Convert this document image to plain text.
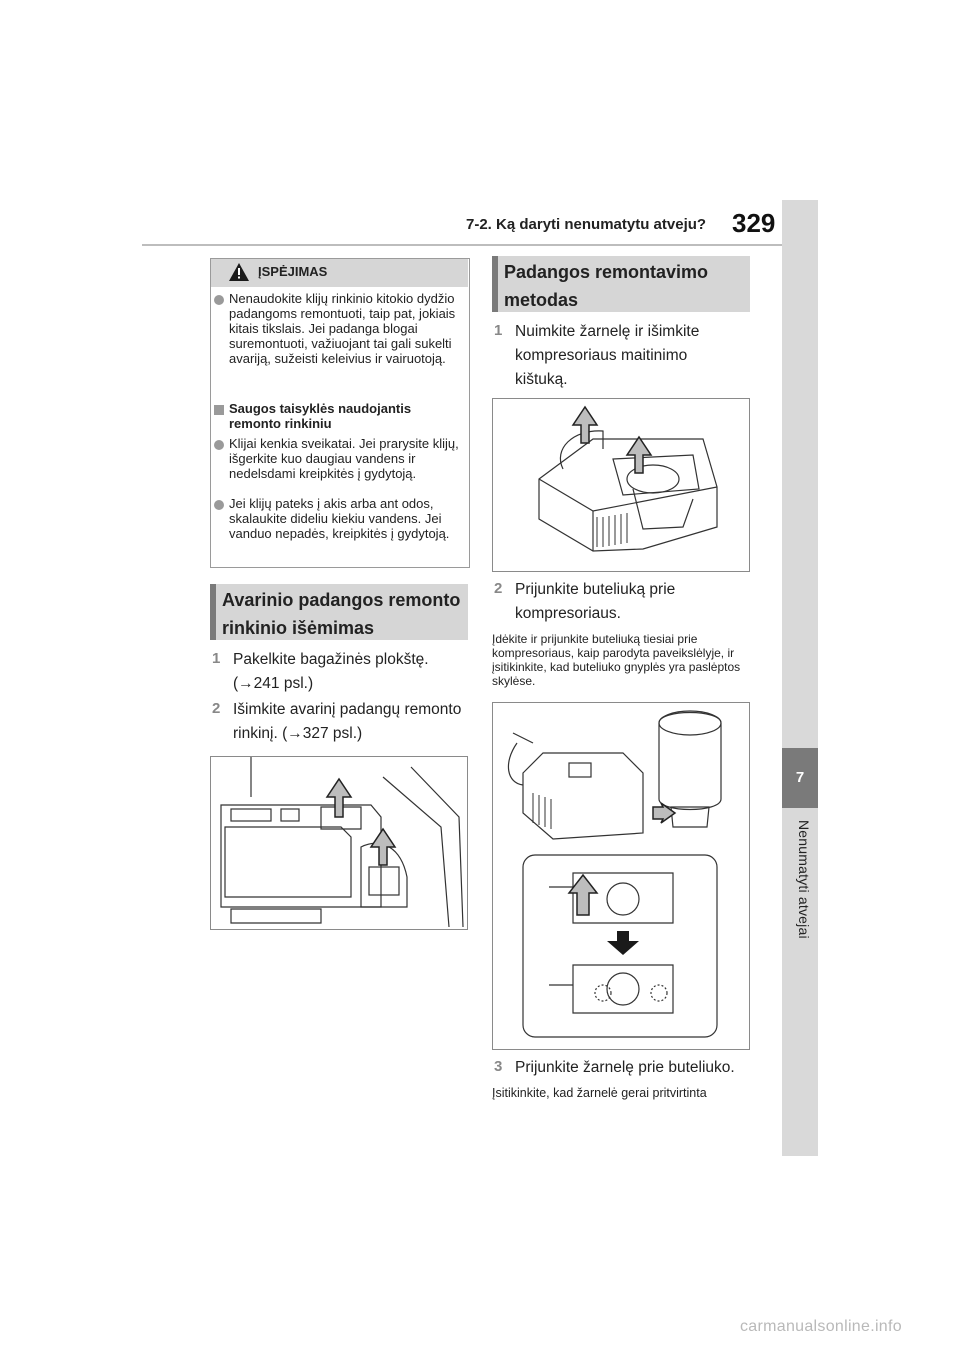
7-2. Ką daryti nenumatytu atveju? 329
7
Nenumatyti atvejai
ĮSPĖJIMAS
Nenaudokite klijų rinkinio kitokio dydžio padangoms remontuoti, taip pat, jokiais kitais tikslais. Jei padanga blogai suremontuoti, važiuojant tai gali sukelti avariją, sužeisti keleivius ir vairuotoją.
Saugos taisyklės naudojantis remonto rinkiniu
Klijai kenkia sveikatai. Jei prarysite klijų, išgerkite kuo daugiau vandens ir nedelsdami kreipkitės į gydytoją.
Jei klijų pateks į akis arba ant odos, skalaukite dideliu kiekiu vandens. Jei vanduo nepadės, kreipkitės į gydytoją.
Avarinio padangos remonto rinkinio išėmimas
1 Pakelkite bagažinės plokštę. (→241 psl.)
2 Išimkite avarinį padangų remonto rinkinį. (→327 psl.)
Padangos remontavimo metodas
1 Nuimkite žarnelę ir išimkite kompresoriaus maitinimo kištuką.
2 Prijunkite buteliuką prie kompresoriaus.
Įdėkite ir prijunkite buteliuką tiesiai prie kompresoriaus, kaip parodyta paveikslėlyje, ir įsitikinkite, kad buteliuko gnyplės yra paslėptos skylėse.
3 Prijunkite žarnelę prie buteliuko.
Įsitikinkite, kad žarnelė gerai pritvirtinta
carmanualsonline.info
